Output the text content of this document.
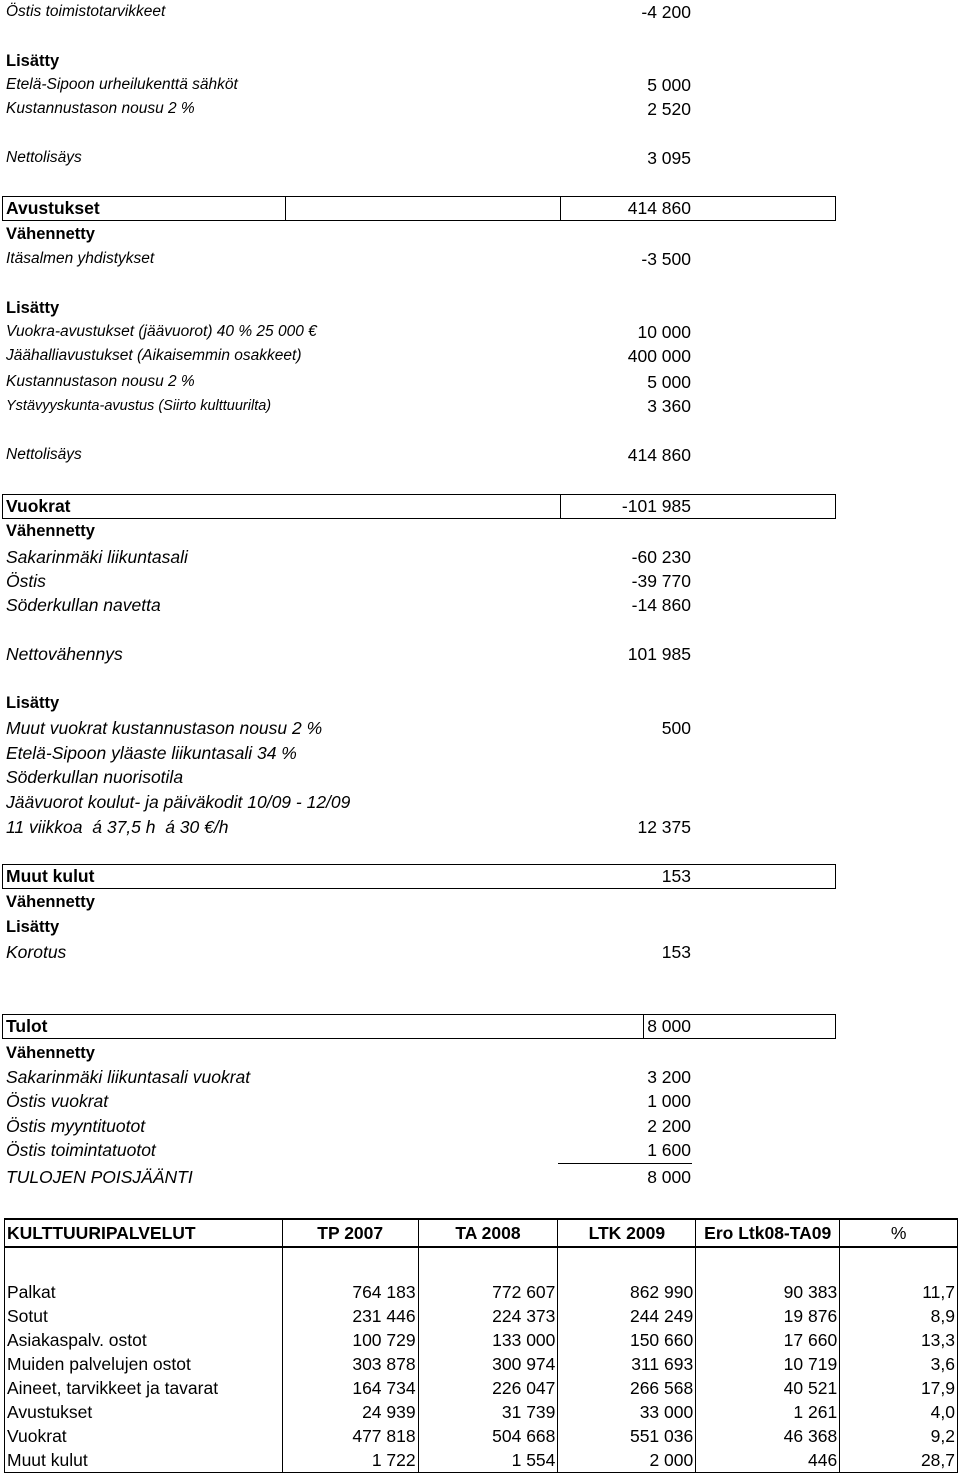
Östis toimistotarvikkeet	-4 200
Lisätty
Etelä-Sipoon urheilukenttä sähköt	5 000
Kustannustason nousu 2 %	2 520
Nettolisäys	3 095
Avustukset	414 860
Vähennetty
Itäsalmen yhdistykset	-3 500
Lisätty
Vuokra-avustukset (jäävuorot) 40 % 25 000 €	10 000
Jäähalliavustukset (Aikaisemmin osakkeet)	400 000
Kustannustason nousu 2 %	5 000
Ystävyyskunta-avustus (Siirto kulttuurilta)	3 360
Nettolisäys	414 860
Vuokrat	-101 985
Vähennetty
Sakarinmäki liikuntasali	-60 230
Östis	-39 770
Söderkullan navetta	-14 860
Nettovähennys	101 985
Lisätty
Muut vuokrat kustannustason nousu 2 %	500
Etelä-Sipoon yläaste liikuntasali 34 %
Söderkullan nuorisotila
Jäävuorot koulut- ja päiväkodit 10/09 - 12/09
11 viikkoa  á 37,5 h  á 30 €/h	12 375
Muut kulut	153
Vähennetty
Lisätty
Korotus	153
Tulot	8 000
Vähennetty
Sakarinmäki liikuntasali vuokrat	3 200
Östis vuokrat	1 000
Östis myyntituotot	2 200
Östis toimintatuotot	1 600
TULOJEN POISJÄÄNTI	8 000
KULTTUURIPALVELUT	TP 2007	TA 2008	LTK 2009	Ero Ltk08-TA09	%

Palkat	764 183	772 607	862 990	90 383	11,7
Sotut	231 446	224 373	244 249	19 876	8,9
Asiakaspalv. ostot	100 729	133 000	150 660	17 660	13,3
Muiden palvelujen ostot	303 878	300 974	311 693	10 719	3,6
Aineet, tarvikkeet ja tavarat	164 734	226 047	266 568	40 521	17,9
Avustukset	24 939	31 739	33 000	1 261	4,0
Vuokrat	477 818	504 668	551 036	46 368	9,2
Muut kulut	1 722	1 554	2 000	446	28,7
